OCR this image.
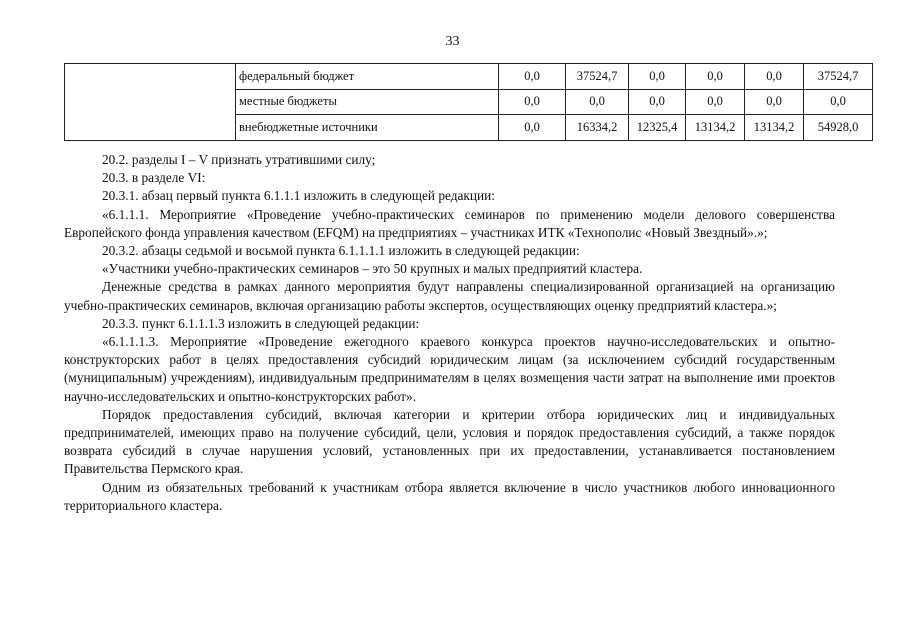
33
	федеральный бюджет	0,0	37524,7	0,0	0,0	0,0	37524,7
	местные бюджеты	0,0	0,0	0,0	0,0	0,0	0,0
	внебюджетные источники	0,0	16334,2	12325,4	13134,2	13134,2	54928,0

20.2. разделы I – V признать утратившими силу;

20.3. в разделе VI:

20.3.1. абзац первый пункта 6.1.1.1 изложить в следующей редакции:

«6.1.1.1. Мероприятие «Проведение учебно-практических семинаров по применению модели делового совершенства Европейского фонда управления качеством (EFQM) на предприятиях – участниках ИТК «Технополис «Новый Звездный».»;

20.3.2. абзацы седьмой и восьмой пункта 6.1.1.1.1 изложить в следующей редакции:

«Участники учебно-практических семинаров – это 50 крупных и малых предприятий кластера.

Денежные средства в рамках данного мероприятия будут направлены специализированной организацией на организацию учебно-практических семинаров, включая организацию работы экспертов, осуществляющих оценку предприятий кластера.»;

20.3.3. пункт 6.1.1.1.3 изложить в следующей редакции:

«6.1.1.1.3. Мероприятие «Проведение ежегодного краевого конкурса проектов научно-исследовательских и опытно-конструкторских работ в целях предоставления субсидий юридическим лицам (за исключением субсидий государственным (муниципальным) учреждениям), индивидуальным предпринимателям в целях возмещения части затрат на выполнение ими проектов научно-исследовательских и опытно-конструкторских работ».

Порядок предоставления субсидий, включая категории и критерии отбора юридических лиц и индивидуальных предпринимателей, имеющих право на получение субсидий, цели, условия и порядок предоставления субсидий, а также порядок возврата субсидий в случае нарушения условий, установленных при их предоставлении, устанавливается постановлением Правительства Пермского края.

Одним из обязательных требований к участникам отбора является включение в число участников любого инновационного территориального кластера.
